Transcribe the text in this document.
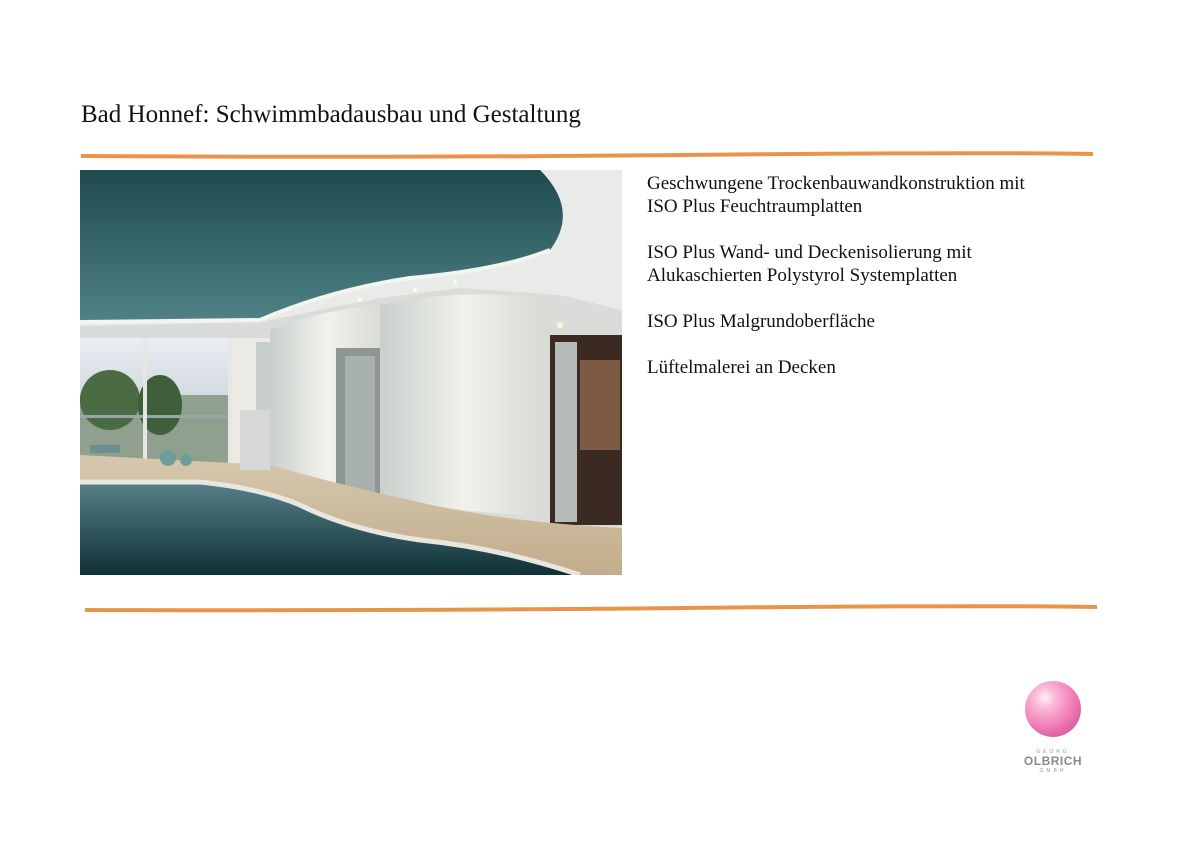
Bad Honnef: Schwimmbadausbau und Gestaltung

Geschwungene Trockenbauwandkonstruktion mit
ISO Plus Feuchtraumplatten

ISO Plus Wand- und Deckenisolierung mit
Alukaschierten Polystyrol Systemplatten

ISO Plus Malgrundoberfläche

Lüftelmalerei an Decken

GEORG
OLBRICH
GMBH
